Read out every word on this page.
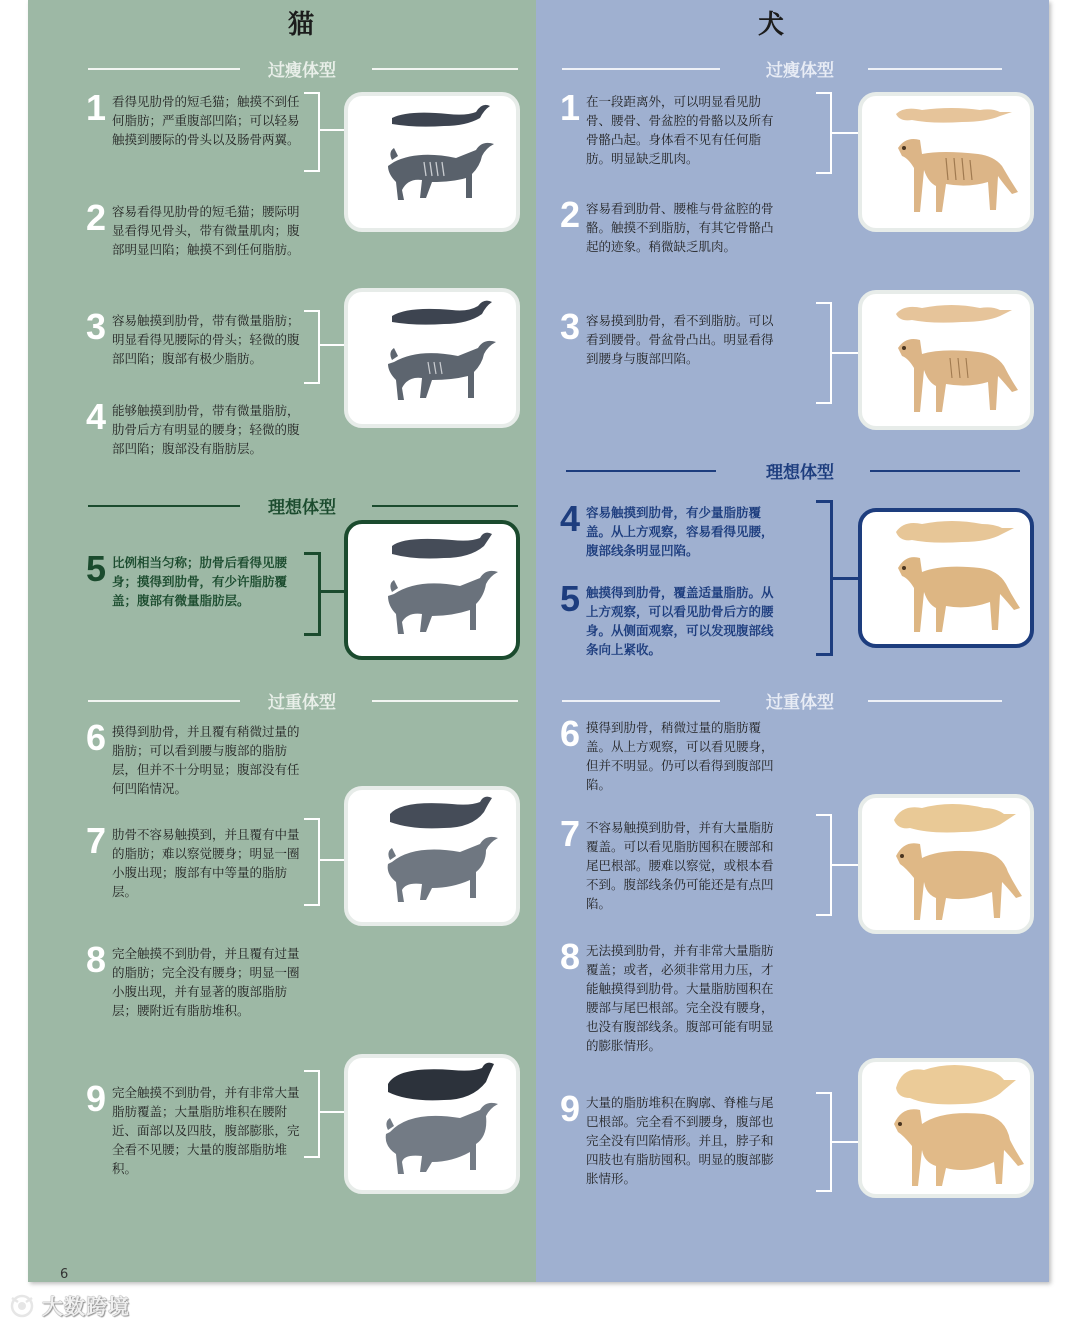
猫
过瘦体型
1 看得见肋骨的短毛猫；触摸不到任何脂肪；严重腹部凹陷；可以轻易触摸到腰际的骨头以及肠骨两翼。
2 容易看得见肋骨的短毛猫；腰际明显看得见骨头，带有微量肌肉；腹部明显凹陷；触摸不到任何脂肪。
3 容易触摸到肋骨，带有微量脂肪；明显看得见腰际的骨头；轻微的腹部凹陷；腹部有极少脂肪。
4 能够触摸到肋骨，带有微量脂肪，肋骨后方有明显的腰身；轻微的腹部凹陷；腹部没有脂肪层。
理想体型
5 比例相当匀称；肋骨后看得见腰身；摸得到肋骨，有少许脂肪覆盖；腹部有微量脂肪层。
过重体型
6 摸得到肋骨，并且覆有稍微过量的脂肪；可以看到腰与腹部的脂肪层，但并不十分明显；腹部没有任何凹陷情况。
7 肋骨不容易触摸到，并且覆有中量的脂肪；难以察觉腰身；明显一圈小腹出现；腹部有中等量的脂肪层。
8 完全触摸不到肋骨，并且覆有过量的脂肪；完全没有腰身；明显一圈小腹出现，并有显著的腹部脂肪层；腰附近有脂肪堆积。
9 完全触摸不到肋骨，并有非常大量脂肪覆盖；大量脂肪堆积在腰附近、面部以及四肢，腹部膨胀，完全看不见腰；大量的腹部脂肪堆积。
犬
过瘦体型
1 在一段距离外，可以明显看见肋骨、腰骨、骨盆腔的骨骼以及所有骨骼凸起。身体看不见有任何脂肪。明显缺乏肌肉。
2 容易看到肋骨、腰椎与骨盆腔的骨骼。触摸不到脂肪，有其它骨骼凸起的迹象。稍微缺乏肌肉。
3 容易摸到肋骨，看不到脂肪。可以看到腰骨。骨盆骨凸出。明显看得到腰身与腹部凹陷。
理想体型
4 容易触摸到肋骨，有少量脂肪覆盖。从上方观察，容易看得见腰，腹部线条明显凹陷。
5 触摸得到肋骨，覆盖适量脂肪。从上方观察，可以看见肋骨后方的腰身。从侧面观察，可以发现腹部线条向上紧收。
过重体型
6 摸得到肋骨，稍微过量的脂肪覆盖。从上方观察，可以看见腰身，但并不明显。仍可以看得到腹部凹陷。
7 不容易触摸到肋骨，并有大量脂肪覆盖。可以看见脂肪囤积在腰部和尾巴根部。腰难以察觉，或根本看不到。腹部线条仍可能还是有点凹陷。
8 无法摸到肋骨，并有非常大量脂肪覆盖；或者，必须非常用力压，才能触摸得到肋骨。大量脂肪囤积在腰部与尾巴根部。完全没有腰身，也没有腹部线条。腹部可能有明显的膨胀情形。
9 大量的脂肪堆积在胸廓、脊椎与尾巴根部。完全看不到腰身，腹部也完全没有凹陷情形。并且，脖子和四肢也有脂肪囤积。明显的腹部膨胀情形。
6
大数跨境
